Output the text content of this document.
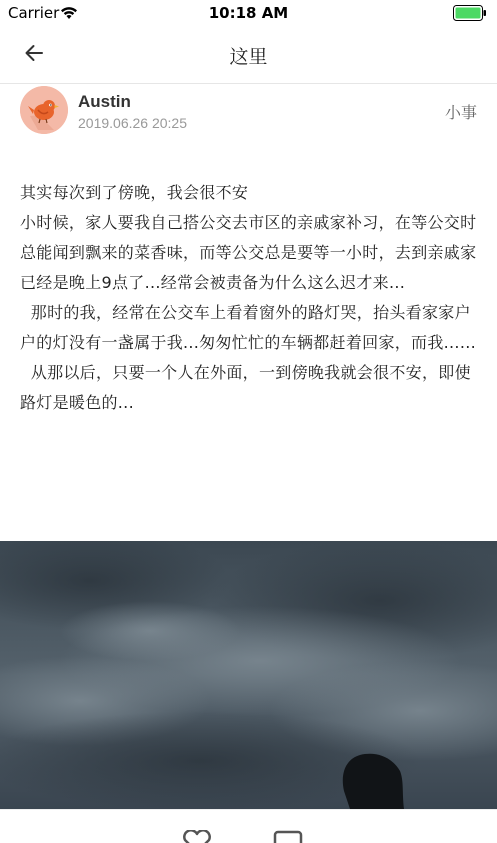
Carrier	10:18 AM
这里
Austin
2019.06.26 20:25
小事

其实每次到了傍晚，我会很不安

小时候，家人要我自己搭公交去市区的亲戚家补习，在等公交时总能闻到飘来的菜香味，而等公交总是要等一小时，去到亲戚家已经是晚上9点了...经常会被责备为什么这么迟才来...

那时的我，经常在公交车上看着窗外的路灯哭，抬头看家家户户的灯没有一盏属于我...匆匆忙忙的车辆都赶着回家，而我......

从那以后，只要一个人在外面，一到傍晚我就会很不安，即使路灯是暖色的...
